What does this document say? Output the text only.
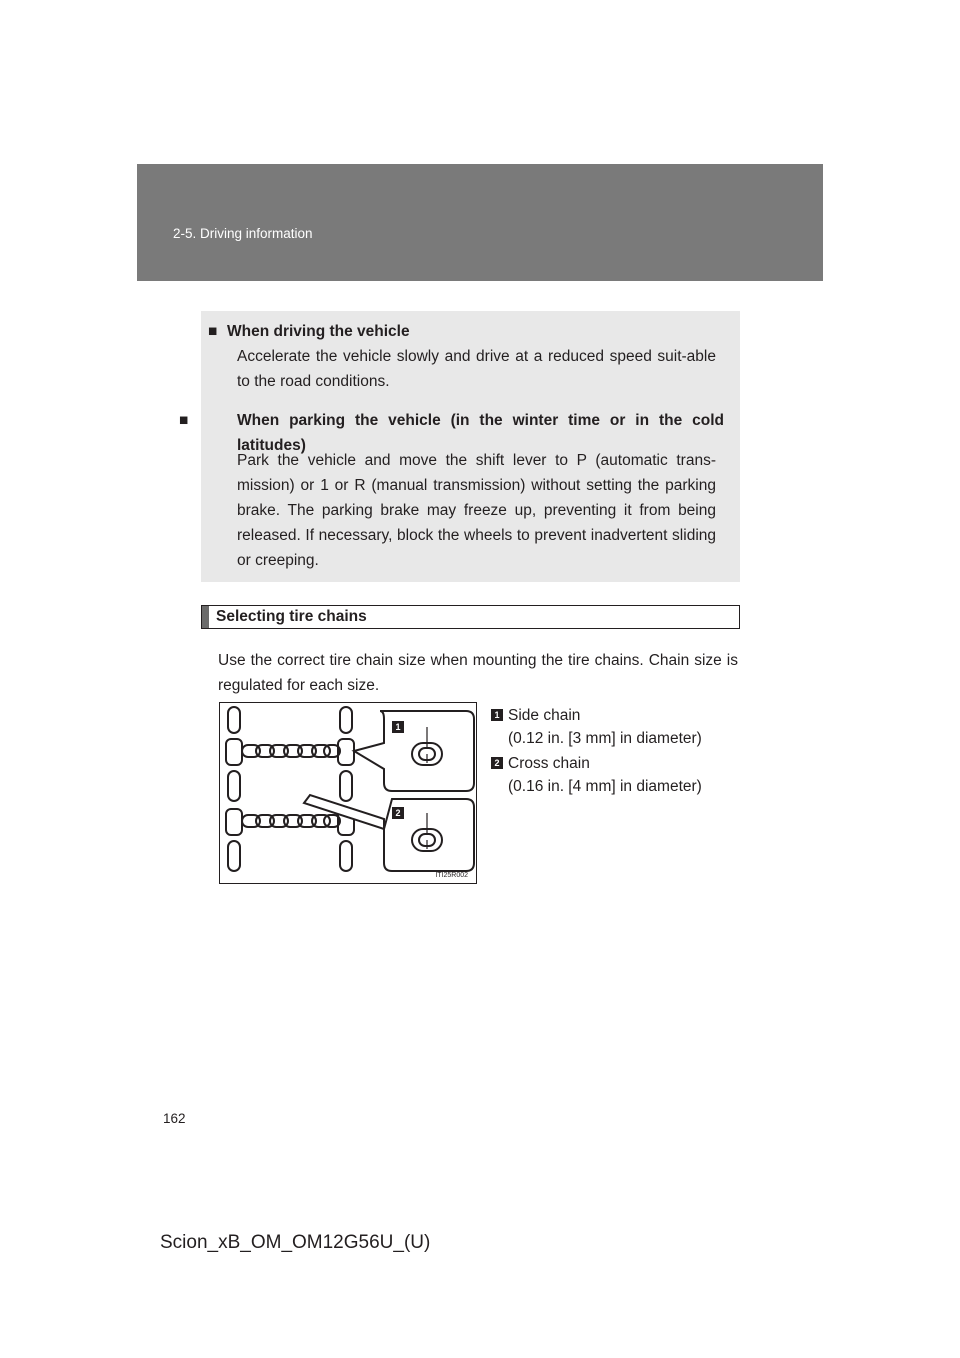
2-5. Driving information
■ When driving the vehicle
Accelerate the vehicle slowly and drive at a reduced speed suit-able to the road conditions.
■	When parking the vehicle (in the winter time or in the cold latitudes)
Park the vehicle and move the shift lever to P (automatic trans-mission) or 1 or R (manual transmission) without setting the parking brake. The parking brake may freeze up, preventing it from being released. If necessary, block the wheels to prevent inadvertent sliding or creeping.
Selecting tire chains
Use the correct tire chain size when mounting the tire chains. Chain size is regulated for each size.
1
2
ITI25R002
1 Side chain
(0.12 in. [3 mm] in diameter)
2 Cross chain
(0.16 in. [4 mm] in diameter)
162
Scion_xB_OM_OM12G56U_(U)
